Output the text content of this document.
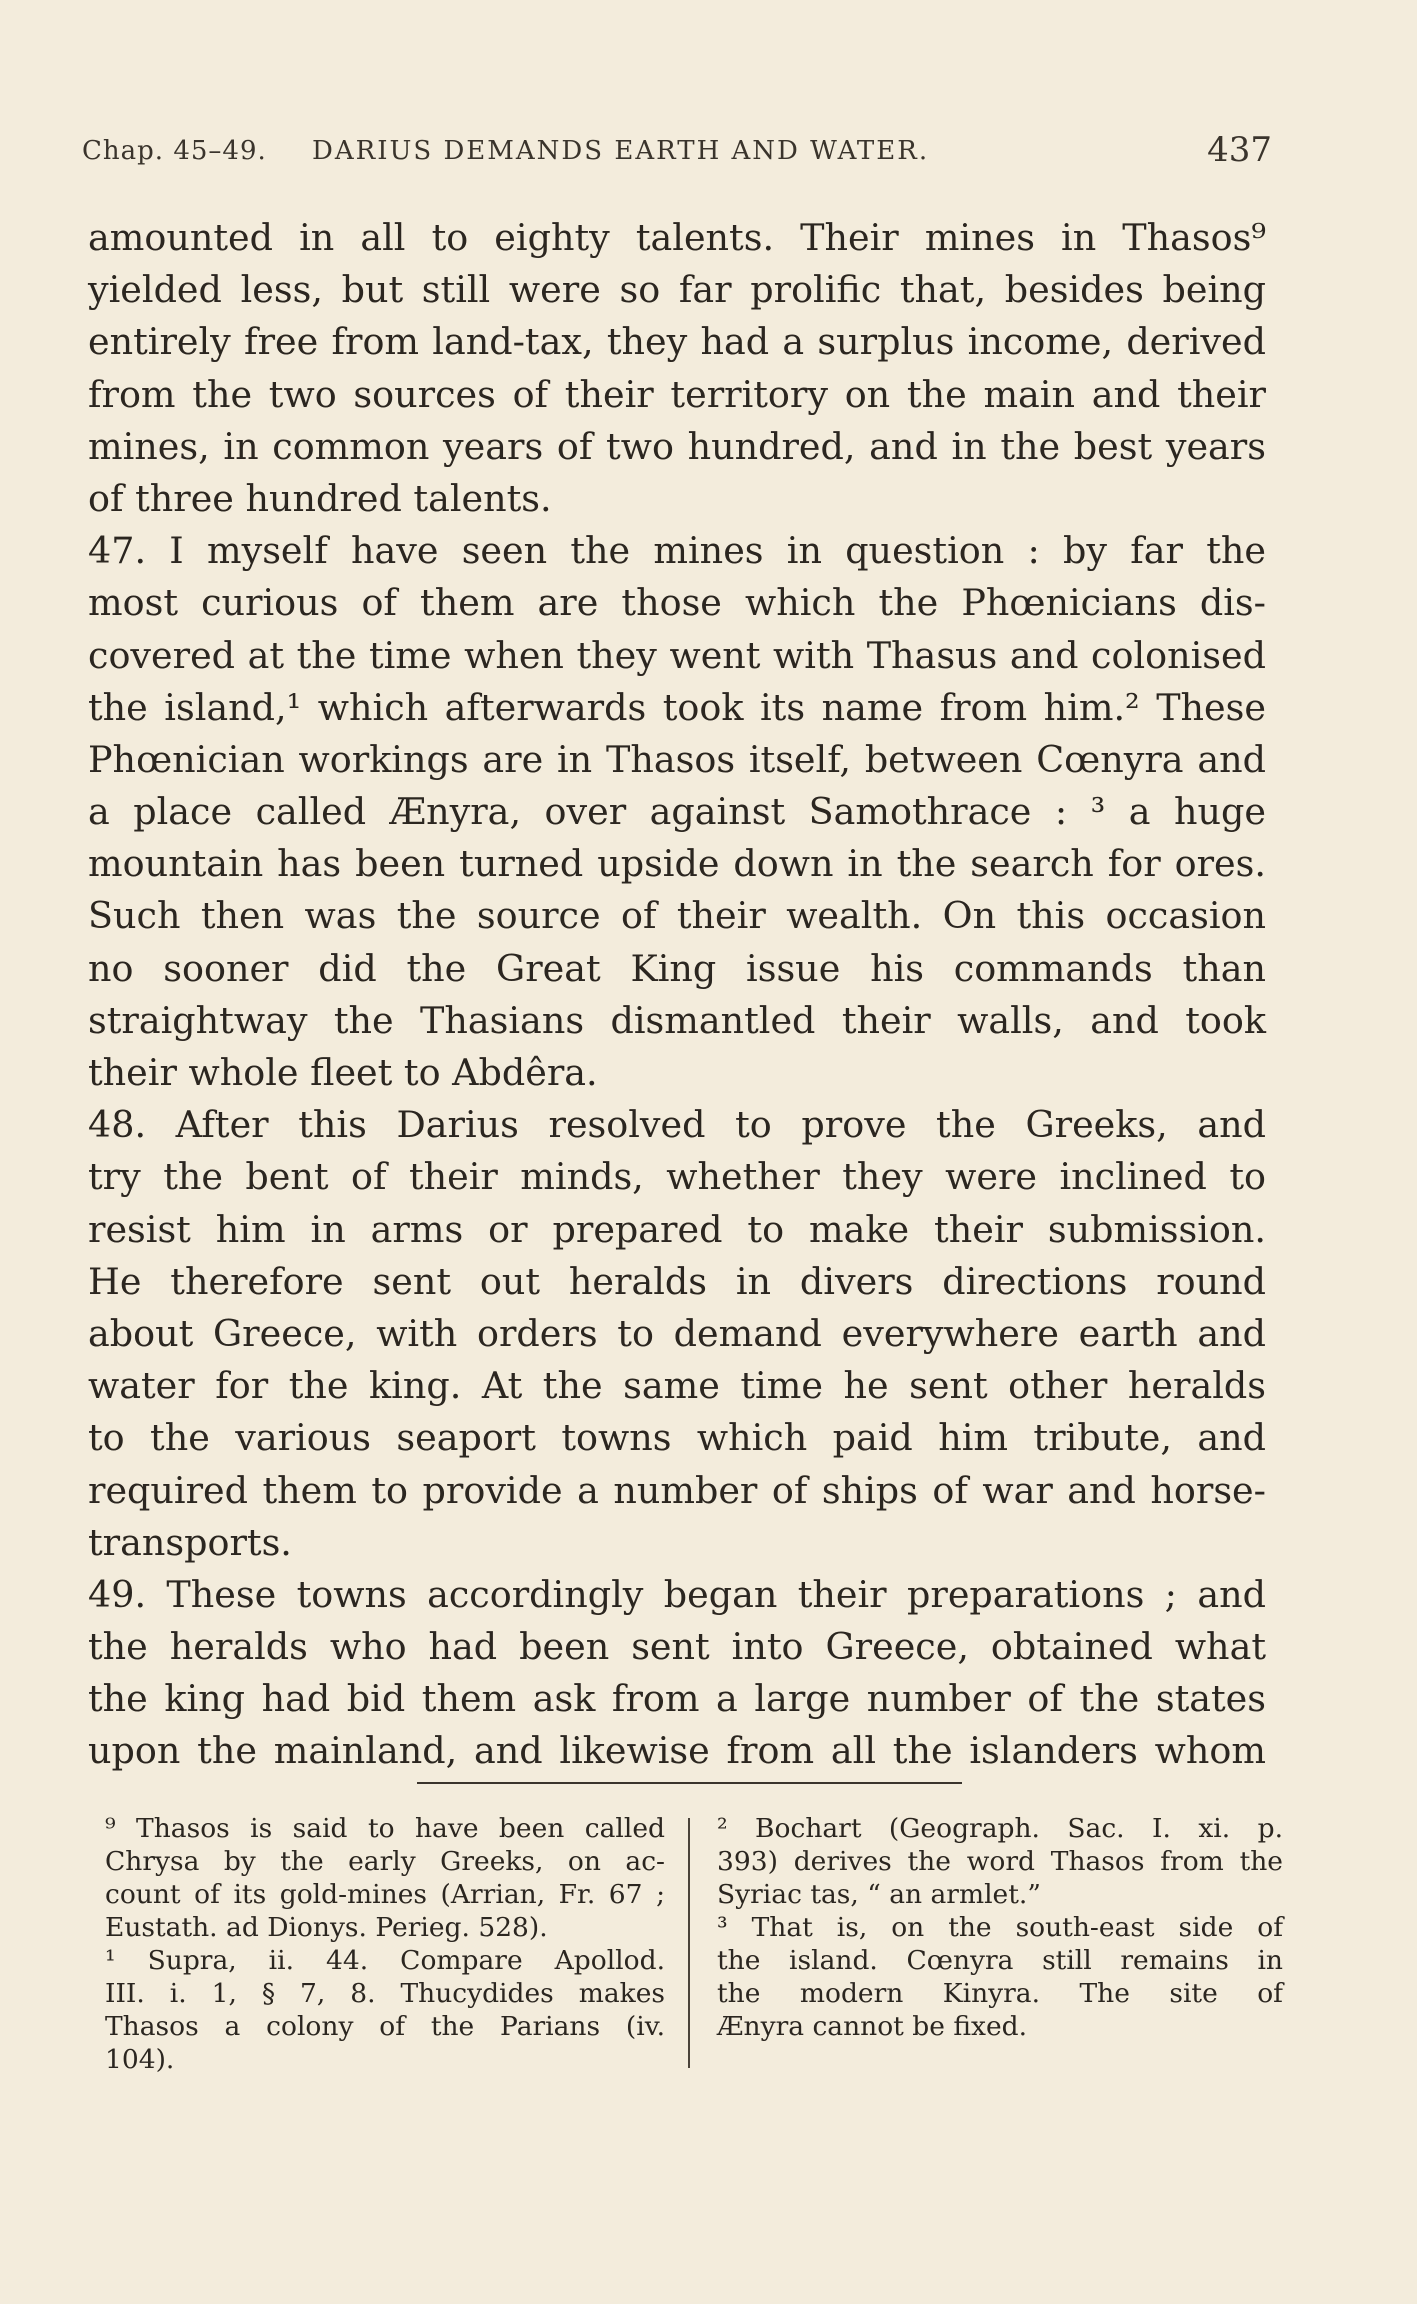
Chap. 45–49. DARIUS DEMANDS EARTH AND WATER.	437
amounted in all to eighty talents. Their mines in Thasos⁹
yielded less, but still were so far prolific that, besides being
entirely free from land-tax, they had a surplus income, derived
from the two sources of their territory on the main and their
mines, in common years of two hundred, and in the best years
of three hundred talents.
47. I myself have seen the mines in question : by far the
most curious of them are those which the Phœnicians dis-
covered at the time when they went with Thasus and colonised
the island,¹ which afterwards took its name from him.² These
Phœnician workings are in Thasos itself, between Cœnyra and
a place called Ænyra, over against Samothrace : ³ a huge
mountain has been turned upside down in the search for ores.
Such then was the source of their wealth. On this occasion
no sooner did the Great King issue his commands than
straightway the Thasians dismantled their walls, and took
their whole fleet to Abdêra.
48. After this Darius resolved to prove the Greeks, and
try the bent of their minds, whether they were inclined to
resist him in arms or prepared to make their submission.
He therefore sent out heralds in divers directions round
about Greece, with orders to demand everywhere earth and
water for the king. At the same time he sent other heralds
to the various seaport towns which paid him tribute, and
required them to provide a number of ships of war and horse-
transports.
49. These towns accordingly began their preparations ; and
the heralds who had been sent into Greece, obtained what
the king had bid them ask from a large number of the states
upon the mainland, and likewise from all the islanders whom
⁹ Thasos is said to have been called
Chrysa by the early Greeks, on ac-
count of its gold-mines (Arrian, Fr. 67 ;
Eustath. ad Dionys. Perieg. 528).
¹ Supra, ii. 44. Compare Apollod.
III. i. 1, § 7, 8. Thucydides makes
Thasos a colony of the Parians (iv.
104).
² Bochart (Geograph. Sac. I. xi. p.
393) derives the word Thasos from the
Syriac tas, “ an armlet.”
³ That is, on the south-east side of
the island. Cœnyra still remains in
the modern Kinyra. The site of
Ænyra cannot be fixed.
